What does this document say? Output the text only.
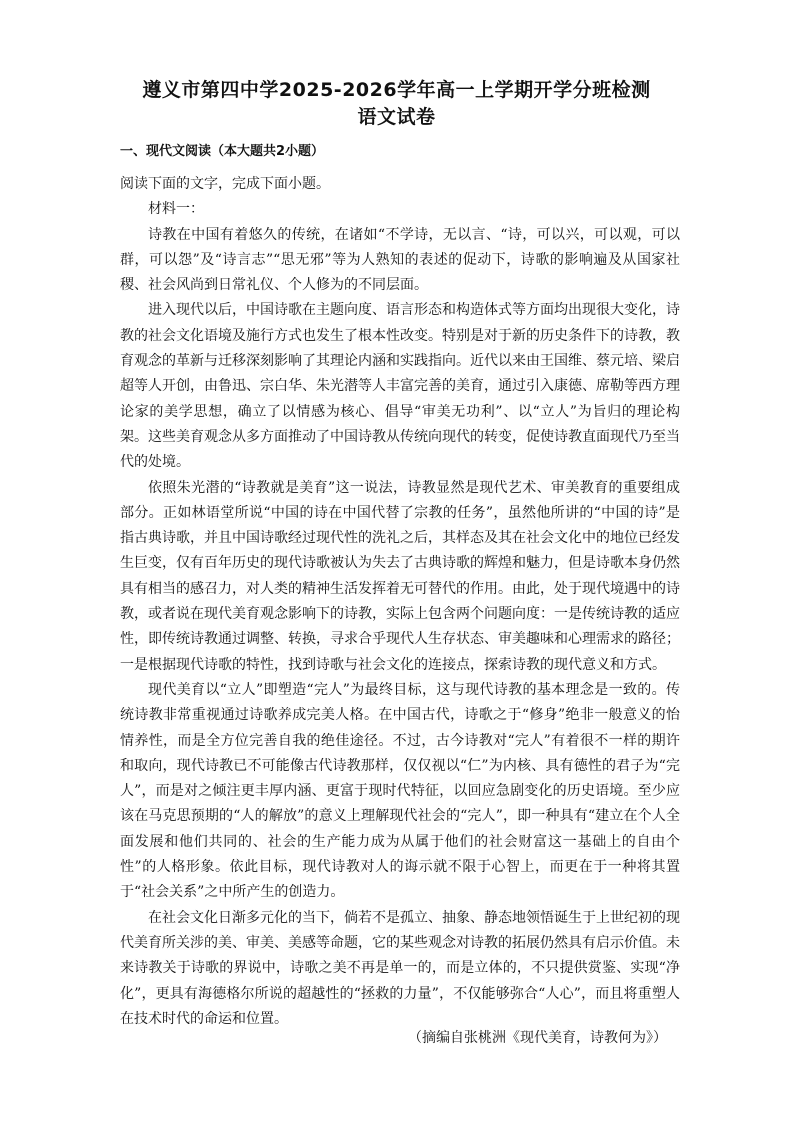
遵义市第四中学2025-2026学年高一上学期开学分班检测
语文试卷
一、现代文阅读（本大题共2小题）

阅读下面的文字，完成下面小题。

材料一：

诗教在中国有着悠久的传统，在诸如“不学诗，无以言、“诗，可以兴，可以观，可以群，可以怨”及“诗言志”“思无邪”等为人熟知的表述的促动下，诗歌的影响遍及从国家社稷、社会风尚到日常礼仪、个人修为的不同层面。

进入现代以后，中国诗歌在主题向度、语言形态和构造体式等方面均出现很大变化，诗教的社会文化语境及施行方式也发生了根本性改变。特别是对于新的历史条件下的诗教，教育观念的革新与迁移深刻影响了其理论内涵和实践指向。近代以来由王国维、蔡元培、梁启超等人开创，由鲁迅、宗白华、朱光潜等人丰富完善的美育，通过引入康德、席勒等西方理论家的美学思想，确立了以情感为核心、倡导“审美无功利”、以“立人”为旨归的理论构架。这些美育观念从多方面推动了中国诗教从传统向现代的转变，促使诗教直面现代乃至当代的处境。

依照朱光潜的“诗教就是美育”这一说法，诗教显然是现代艺术、审美教育的重要组成部分。正如林语堂所说“中国的诗在中国代替了宗教的任务”，虽然他所讲的“中国的诗”是指古典诗歌，并且中国诗歌经过现代性的洗礼之后，其样态及其在社会文化中的地位已经发生巨变，仅有百年历史的现代诗歌被认为失去了古典诗歌的辉煌和魅力，但是诗歌本身仍然具有相当的感召力，对人类的精神生活发挥着无可替代的作用。由此，处于现代境遇中的诗教，或者说在现代美育观念影响下的诗教，实际上包含两个问题向度：一是传统诗教的适应性，即传统诗教通过调整、转换，寻求合乎现代人生存状态、审美趣味和心理需求的路径；一是根据现代诗歌的特性，找到诗歌与社会文化的连接点，探索诗教的现代意义和方式。

现代美育以“立人”即塑造“完人”为最终目标，这与现代诗教的基本理念是一致的。传统诗教非常重视通过诗歌养成完美人格。在中国古代，诗歌之于“修身”绝非一般意义的怡情养性，而是全方位完善自我的绝佳途径。不过，古今诗教对“完人”有着很不一样的期许和取向，现代诗教已不可能像古代诗教那样，仅仅视以“仁”为内核、具有德性的君子为“完人”，而是对之倾注更丰厚内涵、更富于现时代特征，以回应急剧变化的历史语境。至少应该在马克思预期的“人的解放”的意义上理解现代社会的“完人”，即一种具有“建立在个人全面发展和他们共同的、社会的生产能力成为从属于他们的社会财富这一基础上的自由个性”的人格形象。依此目标，现代诗教对人的诲示就不限于心智上，而更在于一种将其置于“社会关系”之中所产生的创造力。

在社会文化日渐多元化的当下，倘若不是孤立、抽象、静态地领悟诞生于上世纪初的现代美育所关涉的美、审美、美感等命题，它的某些观念对诗教的拓展仍然具有启示价值。未来诗教关于诗歌的界说中，诗歌之美不再是单一的，而是立体的，不只提供赏鉴、实现“净化”，更具有海德格尔所说的超越性的“拯救的力量”，不仅能够弥合“人心”，而且将重塑人在技术时代的命运和位置。

（摘编自张桃洲《现代美育，诗教何为》）
